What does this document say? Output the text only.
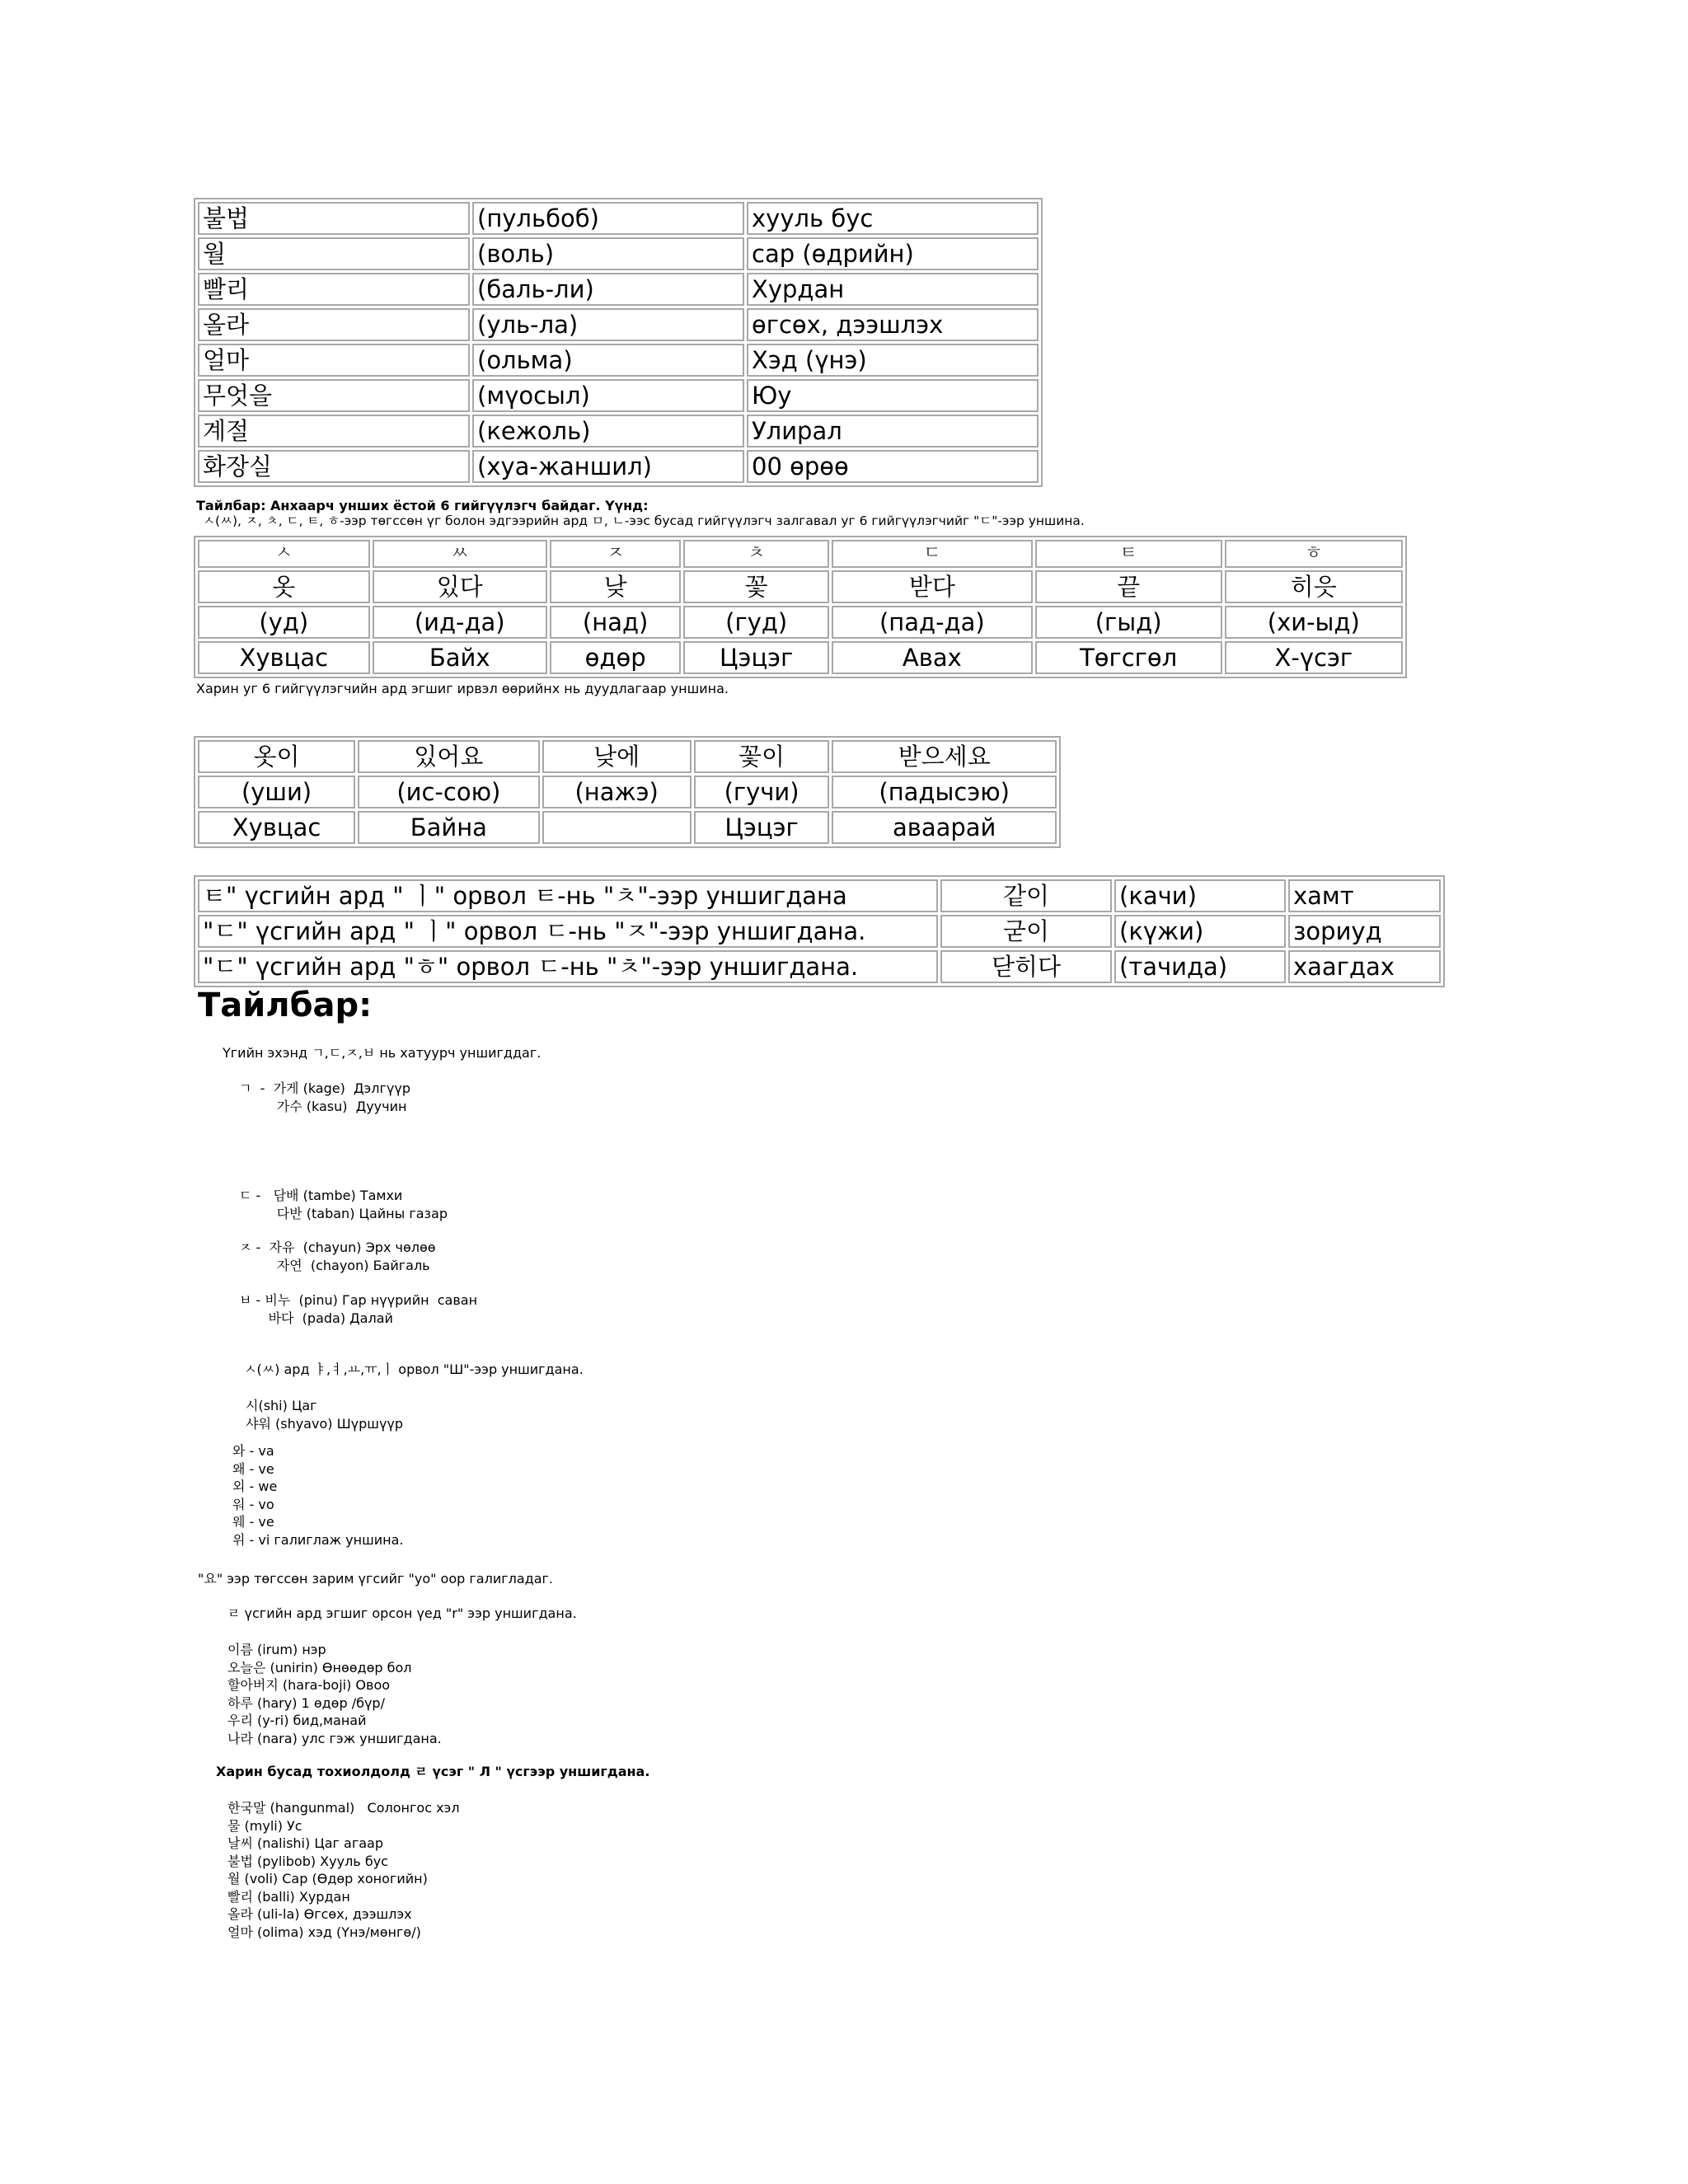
불법	(пульбоб)	хууль бус
월	(воль)	сар (өдрийн)
빨리	(баль-ли)	Хурдан
올라	(уль-ла)	өгсөх, дээшлэх
얼마	(ольма)	Хэд (үнэ)
무엇을	(мүосыл)	Юу
계절	(кежоль)	Улирал
화장실	(хуа-жаншил)	00 өрөө
Тайлбар: Анхаарч унших ёстой 6 гийгүүлэгч байдаг. Үүнд:
ㅅ(ㅆ), ㅈ, ㅊ, ㄷ, ㅌ, ㅎ-ээр төгссөн үг болон эдгээрийн ард ㅁ, ㄴ-ээс бусад гийгүүлэгч залгавал уг 6 гийгүүлэгчийг "ㄷ"-ээр уншина.
ㅅ	ㅆ	ㅈ	ㅊ	ㄷ	ㅌ	ㅎ
옷	있다	낮	꽃	받다	끝	히읏
(уд)	(ид-да)	(над)	(гуд)	(пад-да)	(гыд)	(хи-ыд)
Хувцас	Байх	өдөр	Цэцэг	Авах	Төгсгөл	Х-үсэг
Харин уг 6 гийгүүлэгчийн ард эгшиг ирвэл өөрийнх нь дуудлагаар уншина.
옷이	있어요	낮에	꽃이	받으세요
(уши)	(ис-сою)	(нажэ)	(гучи)	(падысэю)
Хувцас	Байна		Цэцэг	аваарай
ㅌ" үсгийн ард " ㅣ" орвол ㅌ-нь "ㅊ"-ээр уншигдана	같이	(качи)	хамт
"ㄷ" үсгийн ард " ㅣ" орвол ㄷ-нь "ㅈ"-ээр уншигдана.	굳이	(күжи)	зориуд
"ㄷ" үсгийн ард "ㅎ" орвол ㄷ-нь "ㅊ"-ээр уншигдана.	닫히다	(тачида)	хаагдах
Тайлбар:
Үгийн эхэнд ㄱ,ㄷ,ㅈ,ㅂ нь хатуурч уншигддаг.
ㄱ  -  가게 (kage)  Дэлгүүр
가수 (kasu)  Дуучин
ㄷ -   담배 (tambe) Тамхи
다반 (taban) Цайны газар
ㅈ -  자유  (chayun) Эрх чөлөө
자연  (chayon) Байгаль
ㅂ - 비누  (pinu) Гар нүүрийн  саван
바다  (pada) Далай
ㅅ(ㅆ) ард ㅑ,ㅕ,ㅛ,ㅠ,ㅣ орвол "Ш"-ээр уншигдана.
시(shi) Цаг
샤워 (shyavo) Шүршүүр
와 - va
왜 - ve
외 - we
워 - vo
웨 - ve
위 - vi галиглаж уншина.
"요" ээр төгссөн зарим үгсийг "yo" оор галигладаг.
ㄹ үсгийн ард эгшиг орсон үед "r" ээр уншигдана.
이름 (irum) нэр
오늘은 (unirin) Өнөөдөр бол
할아버지 (hara-boji) Овоо
하루 (hary) 1 өдөр /бүр/
우리 (y-ri) бид,манай
나라 (nara) улс гэж уншигдана.
Харин бусад тохиолдолд ㄹ үсэг " Л " үсгээр уншигдана.
한국말 (hangunmal)   Солонгос хэл
물 (myli) Ус
날씨 (nalishi) Цаг агаар
불법 (pylibob) Хууль бус
월 (voli) Сар (Өдөр хоногийн)
빨리 (balli) Хурдан
올라 (uli-la) Өгсөх, дээшлэх
얼마 (olima) хэд (Үнэ/мөнгө/)
